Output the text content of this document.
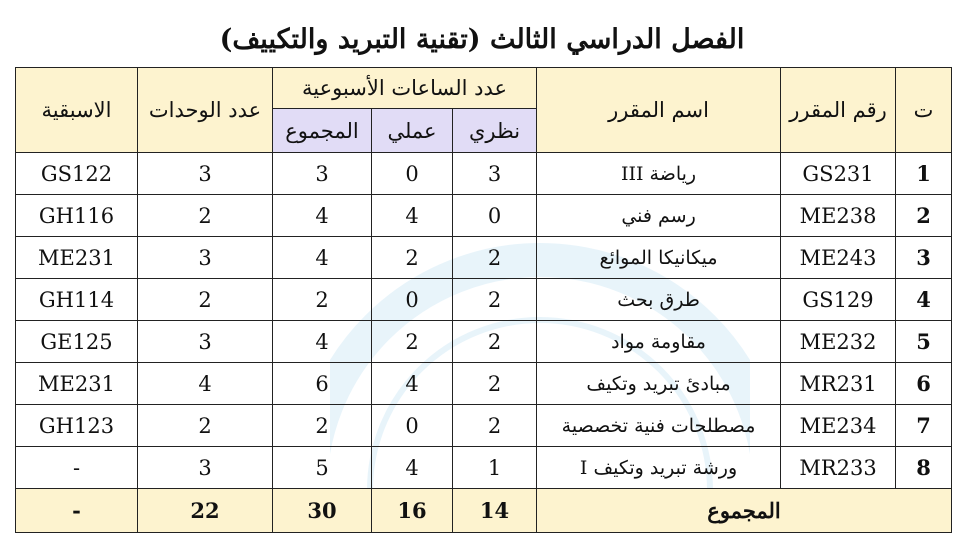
الفصل الدراسي الثالث (تقنية التبريد والتكييف)
ت	رقم المقرر	اسم المقرر	عدد الساعات الأسبوعية			عدد الوحدات	الاسبقية
			نظري	عملي	المجموع		
1	GS231	رياضة III	3	0	3	3	GS122
2	ME238	رسم فني	0	4	4	2	GH116
3	ME243	ميكانيكا الموائع	2	2	4	3	ME231
4	GS129	طرق بحث	2	0	2	2	GH114
5	ME232	مقاومة مواد	2	2	4	3	GE125
6	MR231	مبادئ تبريد وتكيف	2	4	6	4	ME231
7	ME234	مصطلحات فنية تخصصية	2	0	2	2	GH123
8	MR233	ورشة تبريد وتكيف I	1	4	5	3	-
المجموع			14	16	30	22	-
